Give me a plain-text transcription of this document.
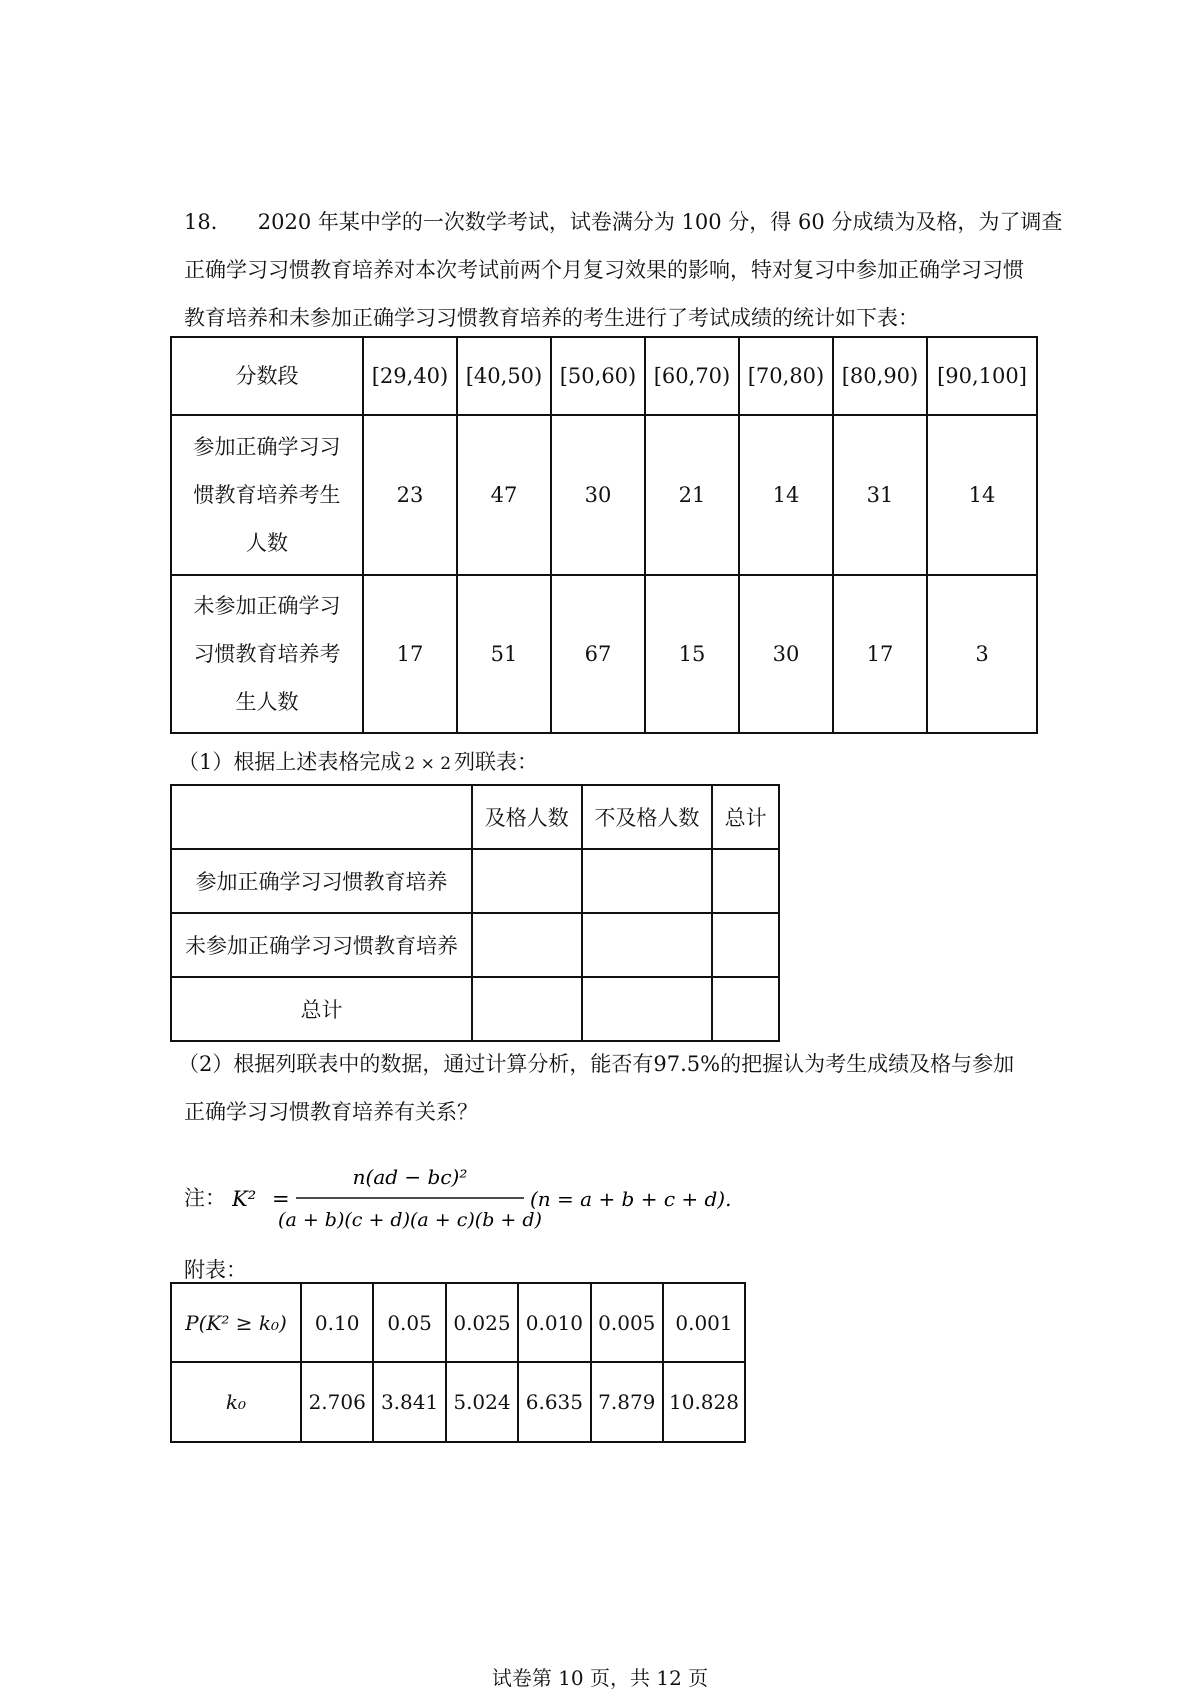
18． 2020 年某中学的一次数学考试，试卷满分为 100 分，得 60 分成绩为及格，为了调查
正确学习习惯教育培养对本次考试前两个月复习效果的影响，特对复习中参加正确学习习惯
教育培养和未参加正确学习习惯教育培养的考生进行了考试成绩的统计如下表：
分数段	[29,40)	[40,50)	[50,60)	[60,70)	[70,80)	[80,90)	[90,100]

参加正确学习习
惯教育培养考生
人数	23	47	30	21	14	31	14

未参加正确学习
习惯教育培养考
生人数	17	51	67	15	30	17	3
（1）根据上述表格完成 2 × 2 列联表：
	及格人数	不及格人数	总计
参加正确学习习惯教育培养			
未参加正确学习习惯教育培养			
总计			
（2）根据列联表中的数据，通过计算分析，能否有97.5%的把握认为考生成绩及格与参加
正确学习习惯教育培养有关系？
注： K² =
n(ad − bc)²
(a + b)(c + d)(a + c)(b + d)
(n = a + b + c + d).
附表：
P(K² ≥ k₀)	0.10	0.05	0.025	0.010	0.005	0.001
k₀	2.706	3.841	5.024	6.635	7.879	10.828
试卷第 10 页，共 12 页
